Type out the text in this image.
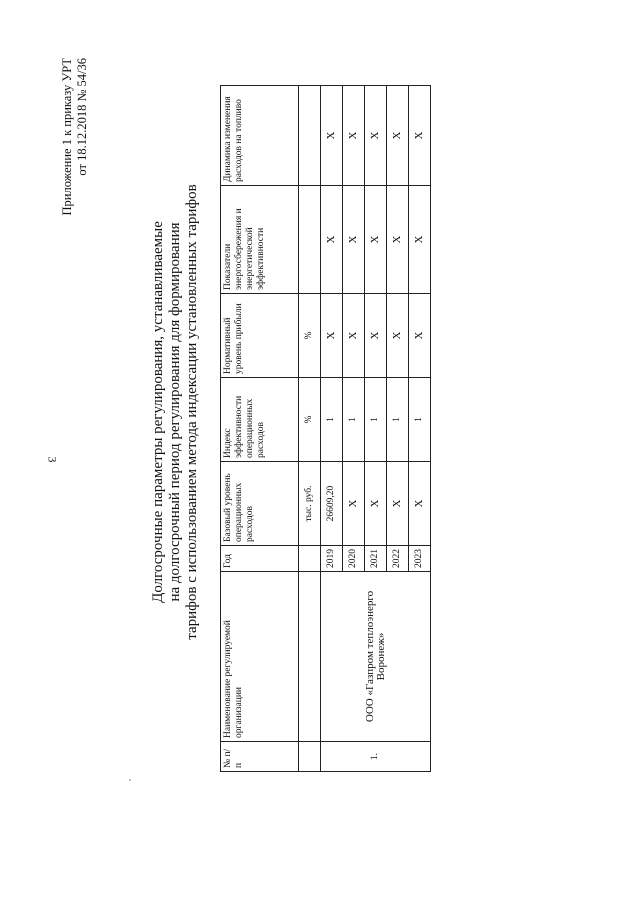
3
Приложение 1 к приказу УРТ от 18.12.2018 № 54/36
Долгосрочные параметры регулирования, устанавливаемые на долгосрочный период регулирования для формирования тарифов с использованием метода индексации установленных тарифов
№ п/п	Наименование регулируемой организации	Год	Базовый уровень операционных расходов	Индекс эффективности операционных расходов	Нормативный уровень прибыли	Показатели энергосбережения и энергетической эффективности	Динамика изменения расходов на топливо
			тыс. руб.	%	%		
1.	ООО «Газпром теплоэнерго Воронеж»	2019	26609,20	1	X	X	X
		2020	X	1	X	X	X
		2021	X	1	X	X	X
		2022	X	1	X	X	X
		2023	X	1	X	X	X
